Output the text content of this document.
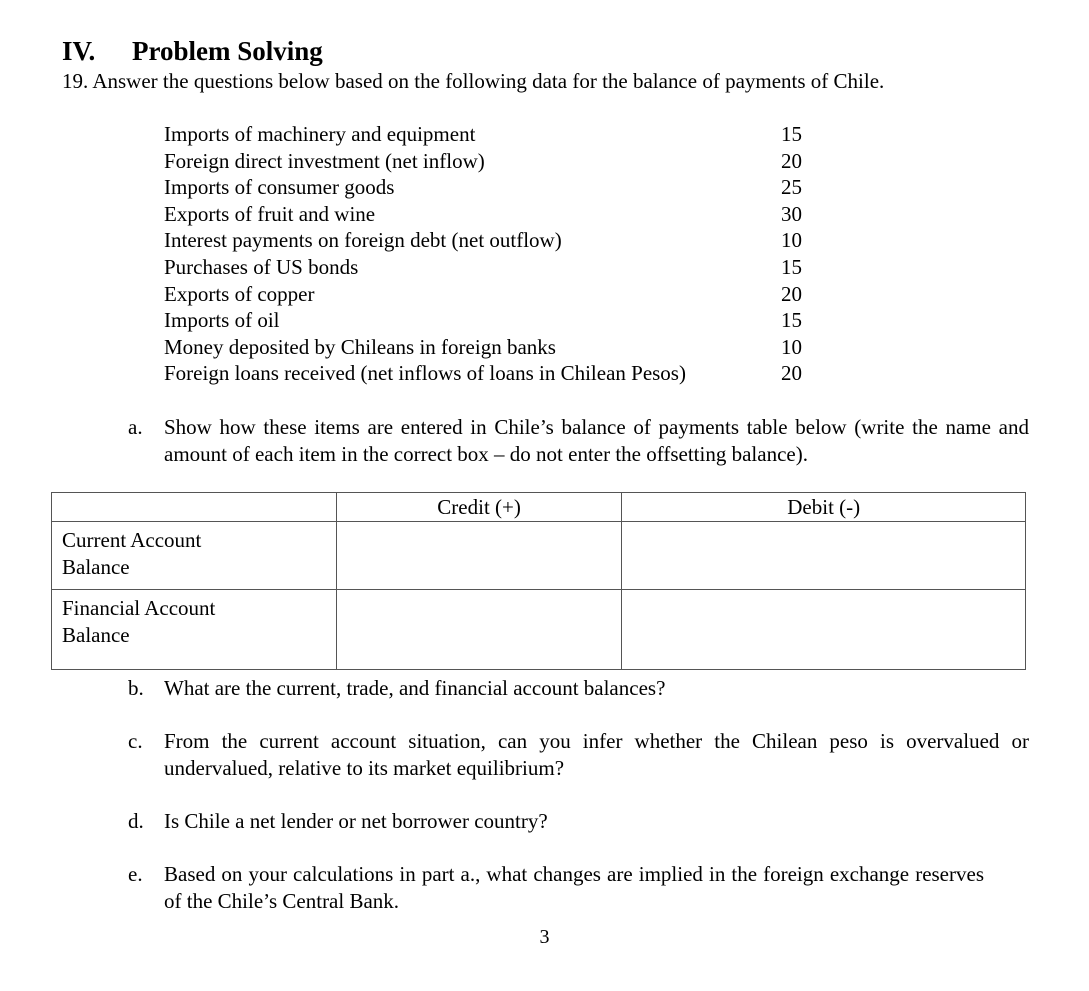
IV. Problem Solving
19. Answer the questions below based on the following data for the balance of payments of Chile.
Imports of machinery and equipment	15
Foreign direct investment (net inflow)	20
Imports of consumer goods	25
Exports of fruit and wine	30
Interest payments on foreign debt (net outflow)	10
Purchases of US bonds	15
Exports of copper	20
Imports of oil	15
Money deposited by Chileans in foreign banks	10
Foreign loans received (net inflows of loans in Chilean Pesos)	20
a. Show how these items are entered in Chile’s balance of payments table below (write the name and amount of each item in the correct box – do not enter the offsetting balance).
	Credit (+)	Debit (-)

Current Account
Balance		

Financial Account
Balance		

b. What are the current, trade, and financial account balances?
c. From the current account situation, can you infer whether the Chilean peso is overvalued or undervalued, relative to its market equilibrium?
d. Is Chile a net lender or net borrower country?
e. Based on your calculations in part a., what changes are implied in the foreign exchange reserves of the Chile’s Central Bank.
3
